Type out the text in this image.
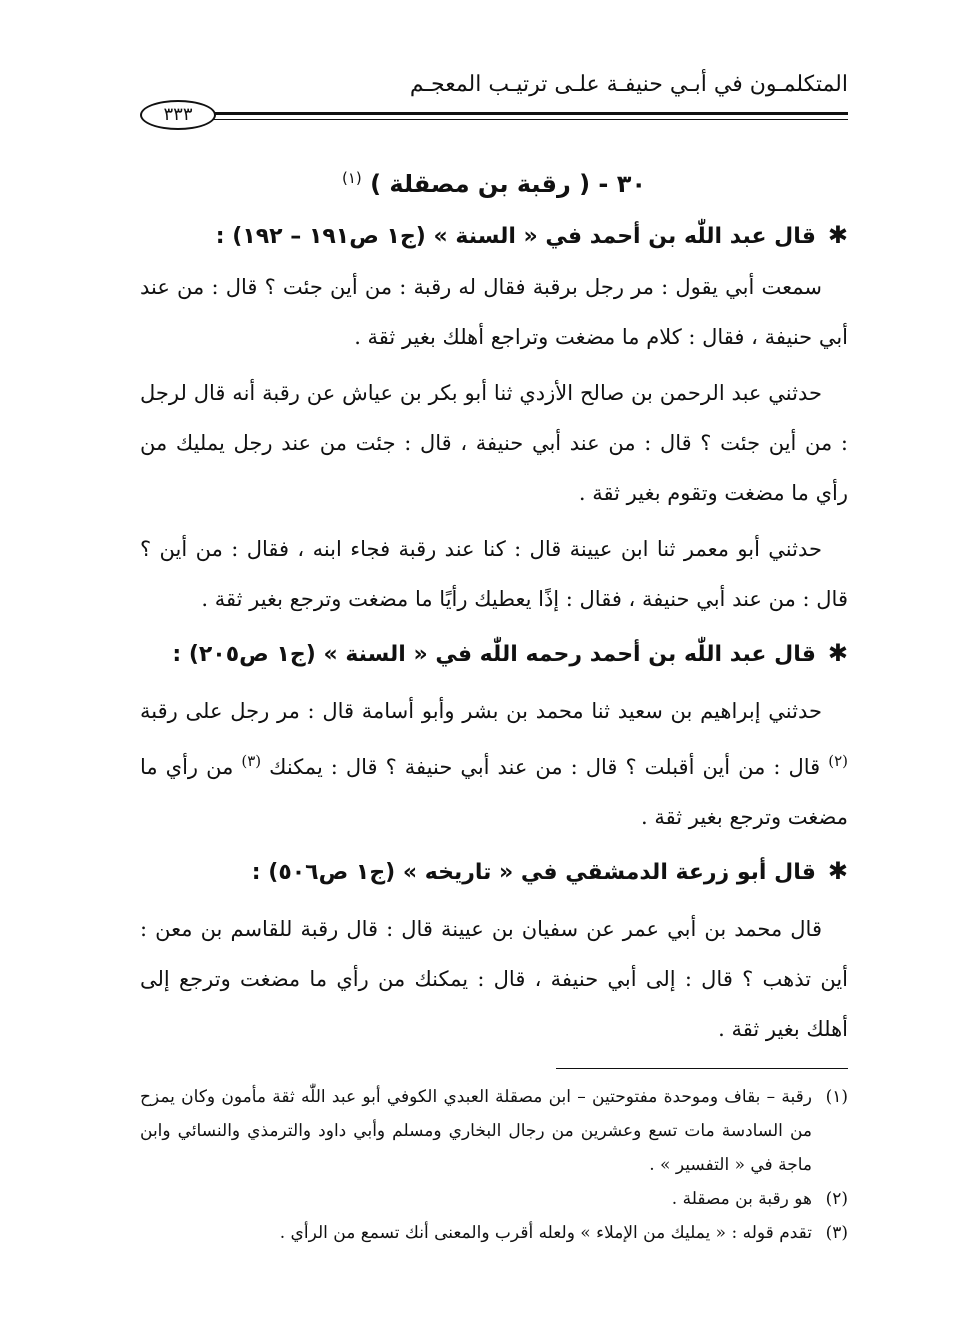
المتكلمـون في أبـي حنيفـة علـى ترتيـب المعجـم
٣٣٣
٣٠ - ( رقبة بن مصقلة ) $^{(١)}$
✱قال عبد اللّٰه بن أحمد في « السنة » (ج١ ص١٩١ – ١٩٢) :

سمعت أبي يقول : مر رجل برقبة فقال له رقبة : من أين جئت ؟ قال : من عند أبي حنيفة ، فقال : كلام ما مضغت وتراجع أهلك بغير ثقة .

حدثني عبد الرحمن بن صالح الأزدي ثنا أبو بكر بن عياش عن رقبة أنه قال لرجل : من أين جئت ؟ قال : من عند أبي حنيفة ، قال : جئت من عند رجل يمليك من رأي ما مضغت وتقوم بغير ثقة .

حدثني أبو معمر ثنا ابن عيينة قال : كنا عند رقبة فجاء ابنه ، فقال : من أين ؟ قال : من عند أبي حنيفة ، فقال : إذًا يعطيك رأيًا ما مضغت وترجع بغير ثقة .

✱قال عبد اللّٰه بن أحمد رحمه اللّٰه في « السنة » (ج١ ص٢٠٥) :

حدثني إبراهيم بن سعيد ثنا محمد بن بشر وأبو أسامة قال : مر رجل على رقبة $^{(٢)}$ قال : من أين أقبلت ؟ قال : من عند أبي حنيفة ؟ قال : يمكنك $^{(٣)}$ من رأي ما مضغت وترجع بغير ثقة .

✱قال أبو زرعة الدمشقي في « تاريخه » (ج١ ص٥٠٦) :

قال محمد بن أبي عمر عن سفيان بن عيينة قال : قال رقبة للقاسم بن معن : أين تذهب ؟ قال : إلى أبي حنيفة ، قال : يمكنك من رأي ما مضغت وترجع إلى أهلك بغير ثقة .

(١)
رقبة – بقاف وموحدة مفتوحتين – ابن مصقلة العبدي الكوفي أبو عبد اللّٰه ثقة مأمون وكان يمزح من السادسة مات تسع وعشرين من رجال البخاري ومسلم وأبي داود والترمذي والنسائي وابن ماجة في « التفسير » .
(٢)
هو رقبة بن مصقلة .
(٣)
تقدم قوله : « يمليك من الإملاء » ولعله أقرب والمعنى أنك تسمع من الرأي .
